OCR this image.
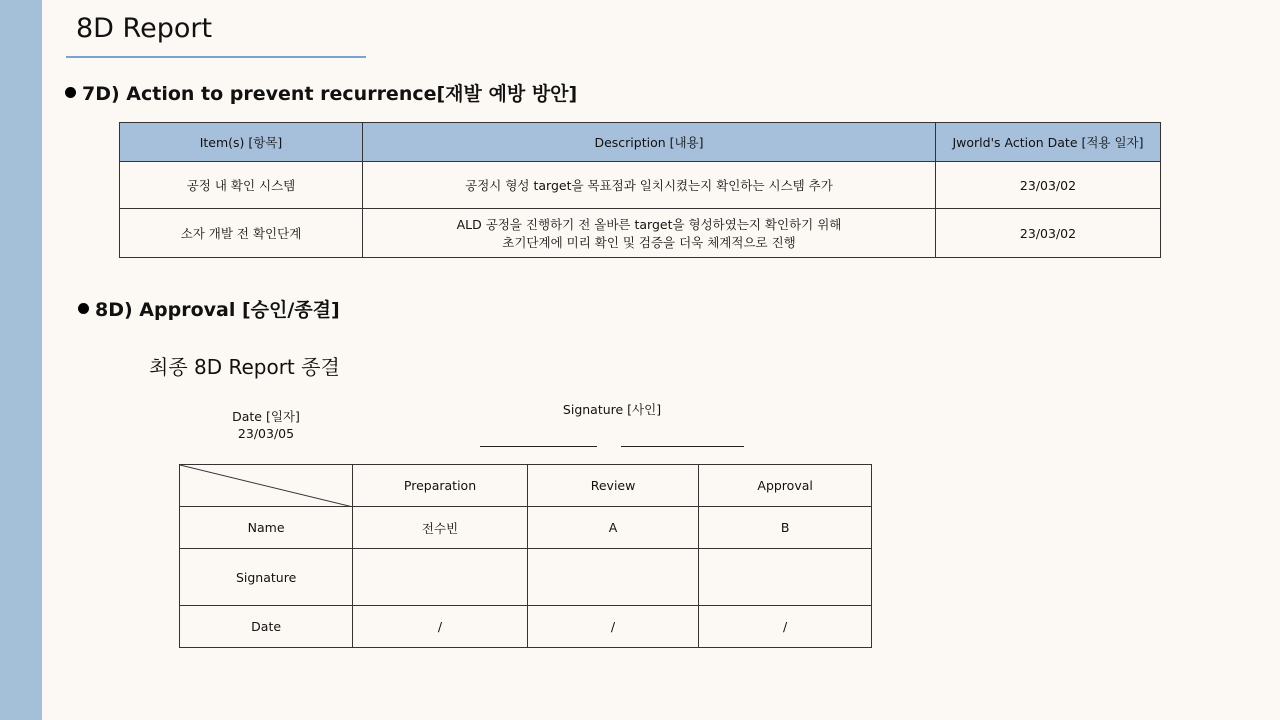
8D Report
7D) Action to prevent recurrence[재발 예방 방안]
Item(s) [항목]	Description [내용]	Jworld's Action Date [적용 일자]
공정 내 확인 시스템	공정시 형성 target을 목표점과 일치시켰는지 확인하는 시스템 추가	23/03/02
소자 개발 전 확인단계	ALD 공정을 진행하기 전 올바른 target을 형성하였는지 확인하기 위해
초기단계에 미리 확인 및 검증을 더욱 체계적으로 진행	23/03/02
8D) Approval [승인/종결]
최종 8D Report 종결
Date [일자]
23/03/05
Signature [사인]
	Preparation	Review	Approval
Name	전수빈	A	B
Signature			
Date	/	/	/
